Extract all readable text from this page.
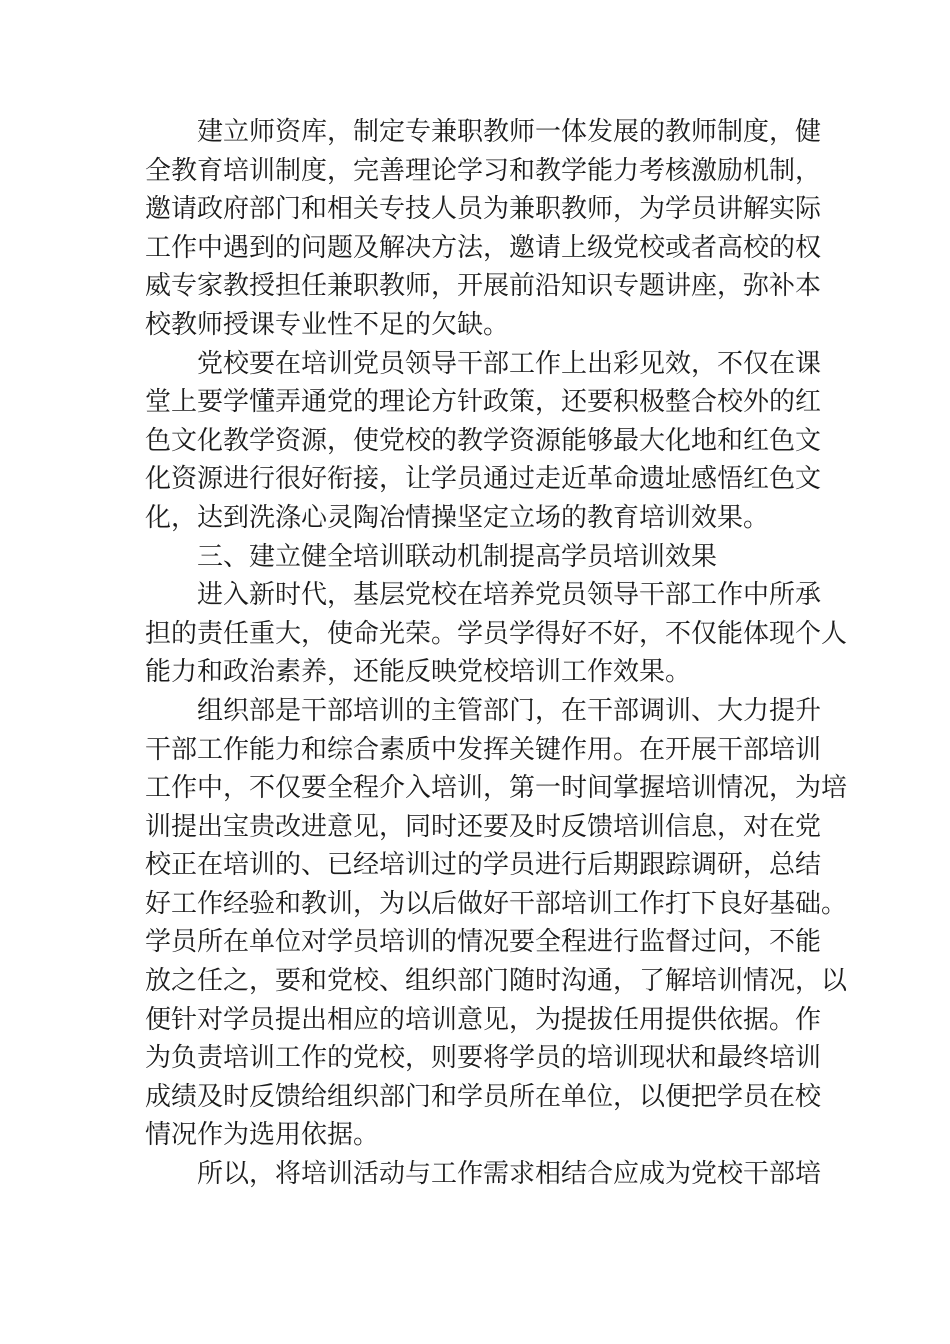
建立师资库，制定专兼职教师一体发展的教师制度，健
全教育培训制度，完善理论学习和教学能力考核激励机制，
邀请政府部门和相关专技人员为兼职教师，为学员讲解实际
工作中遇到的问题及解决方法，邀请上级党校或者高校的权
威专家教授担任兼职教师，开展前沿知识专题讲座，弥补本
校教师授课专业性不足的欠缺。
党校要在培训党员领导干部工作上出彩见效，不仅在课
堂上要学懂弄通党的理论方针政策，还要积极整合校外的红
色文化教学资源，使党校的教学资源能够最大化地和红色文
化资源进行很好衔接，让学员通过走近革命遗址感悟红色文
化，达到洗涤心灵陶冶情操坚定立场的教育培训效果。
三、建立健全培训联动机制提高学员培训效果
进入新时代，基层党校在培养党员领导干部工作中所承
担的责任重大，使命光荣。学员学得好不好，不仅能体现个人
能力和政治素养，还能反映党校培训工作效果。
组织部是干部培训的主管部门，在干部调训、大力提升
干部工作能力和综合素质中发挥关键作用。在开展干部培训
工作中，不仅要全程介入培训，第一时间掌握培训情况，为培
训提出宝贵改进意见，同时还要及时反馈培训信息，对在党
校正在培训的、已经培训过的学员进行后期跟踪调研，总结
好工作经验和教训，为以后做好干部培训工作打下良好基础。
学员所在单位对学员培训的情况要全程进行监督过问，不能
放之任之，要和党校、组织部门随时沟通，了解培训情况，以
便针对学员提出相应的培训意见，为提拔任用提供依据。作
为负责培训工作的党校，则要将学员的培训现状和最终培训
成绩及时反馈给组织部门和学员所在单位，以便把学员在校
情况作为选用依据。
所以，将培训活动与工作需求相结合应成为党校干部培
